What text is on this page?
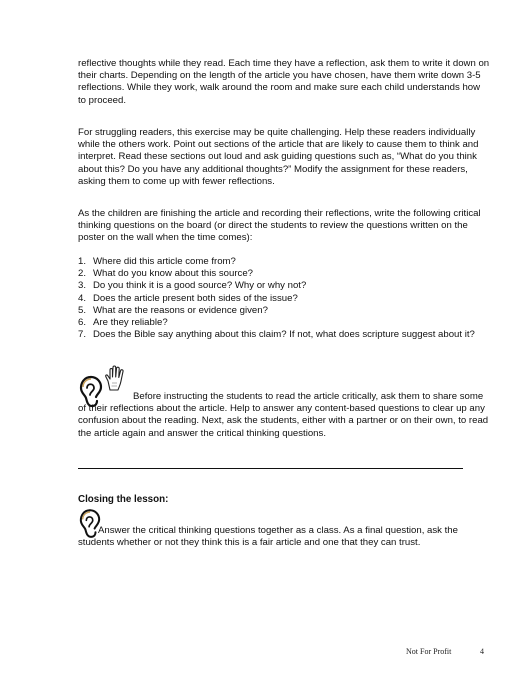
reflective thoughts while they read. Each time they have a reflection, ask them to write it down on their charts. Depending on the length of the article you have chosen, have them write down 3-5 reflections. While they work, walk around the room and make sure each child understands how to proceed.

For struggling readers, this exercise may be quite challenging. Help these readers individually while the others work. Point out sections of the article that are likely to cause them to think and interpret. Read these sections out loud and ask guiding questions such as, “What do you think about this? Do you have any additional thoughts?” Modify the assignment for these readers, asking them to come up with fewer reflections.

As the children are finishing the article and recording their reflections, write the following critical thinking questions on the board (or direct the students to review the questions written on the poster on the wall when the time comes):

1. Where did this article come from?
2. What do you know about this source?
3. Do you think it is a good source? Why or why not?
4. Does the article present both sides of the issue?
5. What are the reasons or evidence given?
6. Are they reliable?
7. Does the Bible say anything about this claim? If not, what does scripture suggest about it?

Before instructing the students to read the article critically, ask them to share some of their reflections about the article. Help to answer any content-based questions to clear up any confusion about the reading. Next, ask the students, either with a partner or on their own, to read the article again and answer the critical thinking questions.

Closing the lesson:

Answer the critical thinking questions together as a class. As a final question, ask the students whether or not they think this is a fair article and one that they can trust.

Not For Profit	4
